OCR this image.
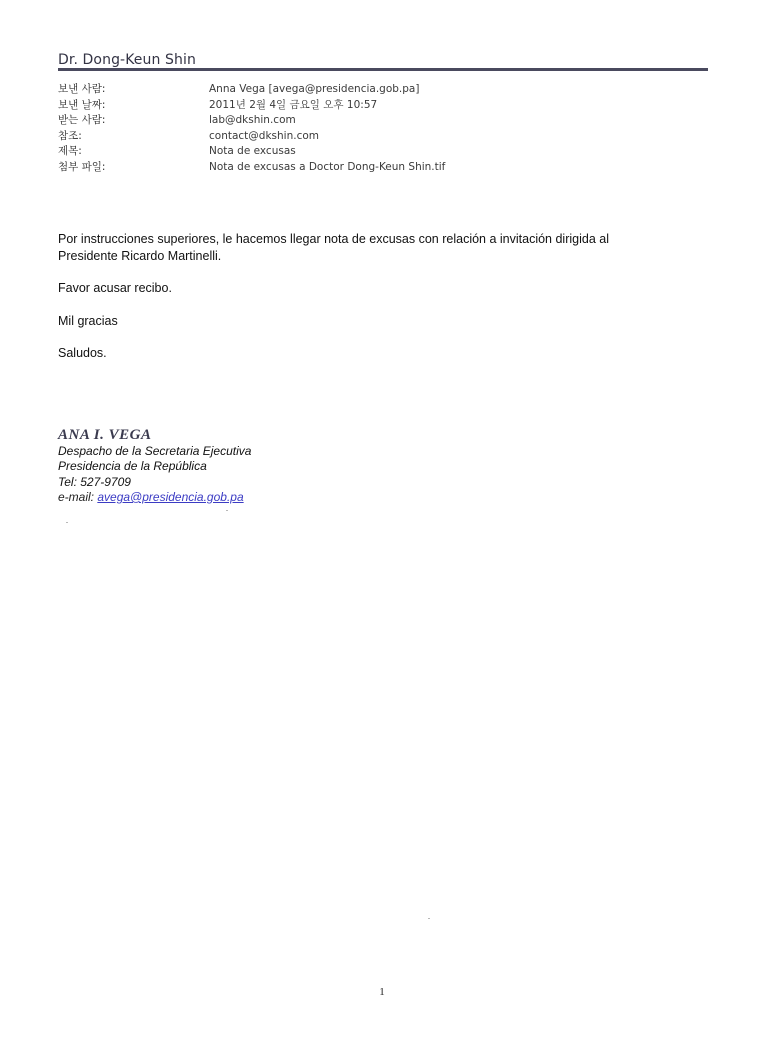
Dr. Dong-Keun Shin
보낸 사람:	Anna Vega [avega@presidencia.gob.pa]
보낸 날짜:	2011년 2월 4일 금요일 오후 10:57
받는 사람:	lab@dkshin.com
참조:	contact@dkshin.com
제목:	Nota de excusas
첨부 파일:	Nota de excusas a Doctor Dong-Keun Shin.tif

Por instrucciones superiores, le hacemos llegar nota de excusas con relación a invitación dirigida al

Presidente Ricardo Martinelli.

Favor acusar recibo.

Mil gracias

Saludos.

ANA I. VEGA
Despacho de la Secretaria Ejecutiva
Presidencia de la República
Tel: 527-9709
e-mail: avega@presidencia.gob.pa
1
